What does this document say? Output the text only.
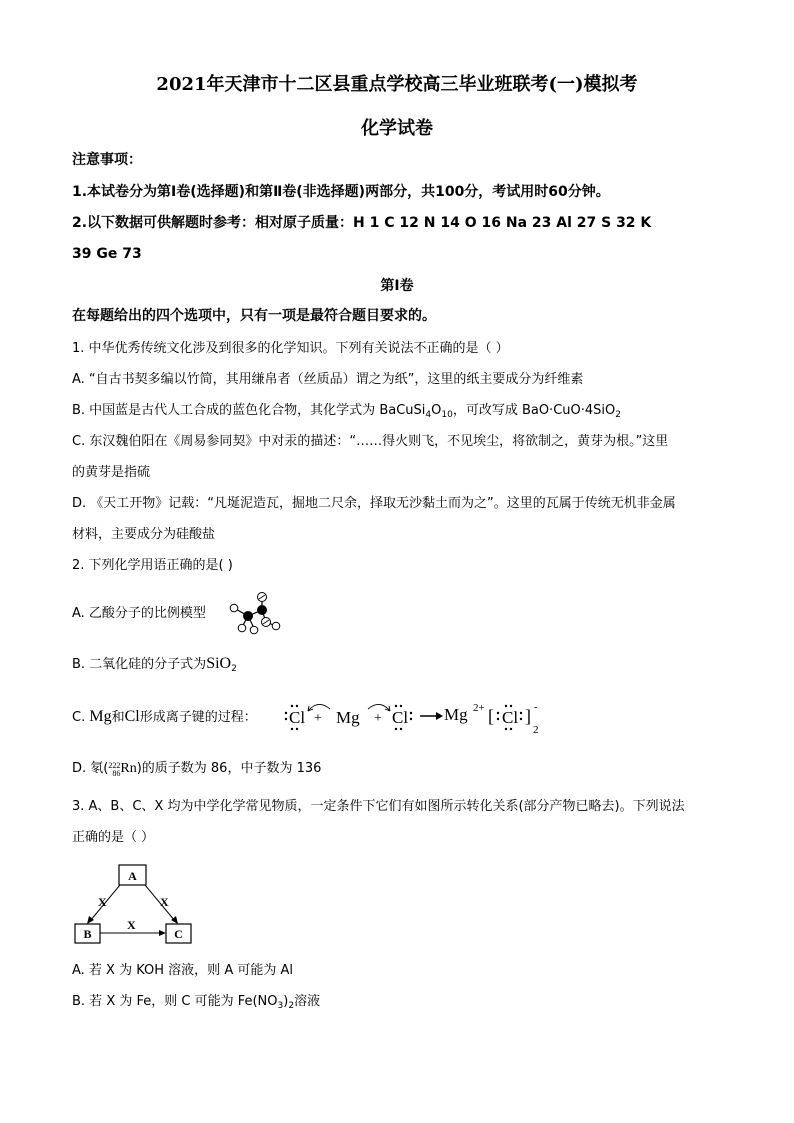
2021年天津市十二区县重点学校高三毕业班联考(一)模拟考
化学试卷
注意事项：
1.本试卷分为第Ⅰ卷(选择题)和第Ⅱ卷(非选择题)两部分，共100分，考试用时60分钟。
2.以下数据可供解题时参考：相对原子质量：H 1 C 12 N 14 O 16 Na 23 Al 27 S 32 K
39 Ge 73
第Ⅰ卷
在每题给出的四个选项中，只有一项是最符合题目要求的。
1. 中华优秀传统文化涉及到很多的化学知识。下列有关说法不正确的是（ ）
A. “自古书契多编以竹简，其用缣帛者（丝质品）谓之为纸”，这里的纸主要成分为纤维素
B. 中国蓝是古代人工合成的蓝色化合物，其化学式为 $BaCuSi_4O_{10}$，可改写成 BaO·CuO·4SiO$_2$
C. 东汉魏伯阳在《周易参同契》中对汞的描述：“……得火则飞，不见埃尘，将欲制之，黄芽为根。”这里
的黄芽是指硫
D. 《天工开物》记载：“凡埏泥造瓦，掘地二尺余，择取无沙黏土而为之”。这里的瓦属于传统无机非金属
材料，主要成分为硅酸盐
2. 下列化学用语正确的是( )
A. 乙酸分子的比例模型
B. 二氧化硅的分子式为SiO$_2$
C. Mg和Cl形成离子键的过程：	Cl + Mg + Cl Mg 2+ [ Cl ] -
2
D. 氡(222
86Rn)的质子数为 86，中子数为 136
3. A、B、C、X 均为中学化学常见物质，一定条件下它们有如图所示转化关系(部分产物已略去)。下列说法
正确的是（ ）
A
B	C
X	X
X
A. 若 X 为 KOH 溶液，则 A 可能为 Al
B. 若 X 为 Fe，则 C 可能为 $Fe(NO_3)_2$溶液
